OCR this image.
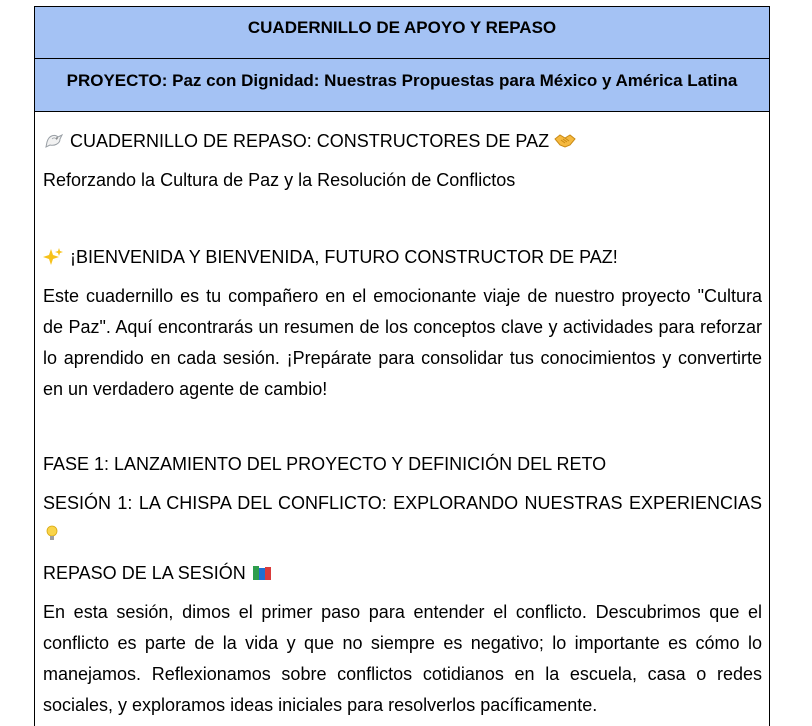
CUADERNILLO DE APOYO Y REPASO
PROYECTO: Paz con Dignidad: Nuestras Propuestas para México y América Latina

CUADERNILLO DE REPASO: CONSTRUCTORES DE PAZ

Reforzando la Cultura de Paz y la Resolución de Conflictos

¡BIENVENIDA Y BIENVENIDA, FUTURO CONSTRUCTOR DE PAZ!

Este cuadernillo es tu compañero en el emocionante viaje de nuestro proyecto "Cultura de Paz". Aquí encontrarás un resumen de los conceptos clave y actividades para reforzar lo aprendido en cada sesión. ¡Prepárate para consolidar tus conocimientos y convertirte en un verdadero agente de cambio!

FASE 1: LANZAMIENTO DEL PROYECTO Y DEFINICIÓN DEL RETO

SESIÓN 1: LA CHISPA DEL CONFLICTO: EXPLORANDO NUESTRAS EXPERIENCIAS

REPASO DE LA SESIÓN

En esta sesión, dimos el primer paso para entender el conflicto. Descubrimos que el conflicto es parte de la vida y que no siempre es negativo; lo importante es cómo lo manejamos. Reflexionamos sobre conflictos cotidianos en la escuela, casa o redes sociales, y exploramos ideas iniciales para resolverlos pacíficamente.
